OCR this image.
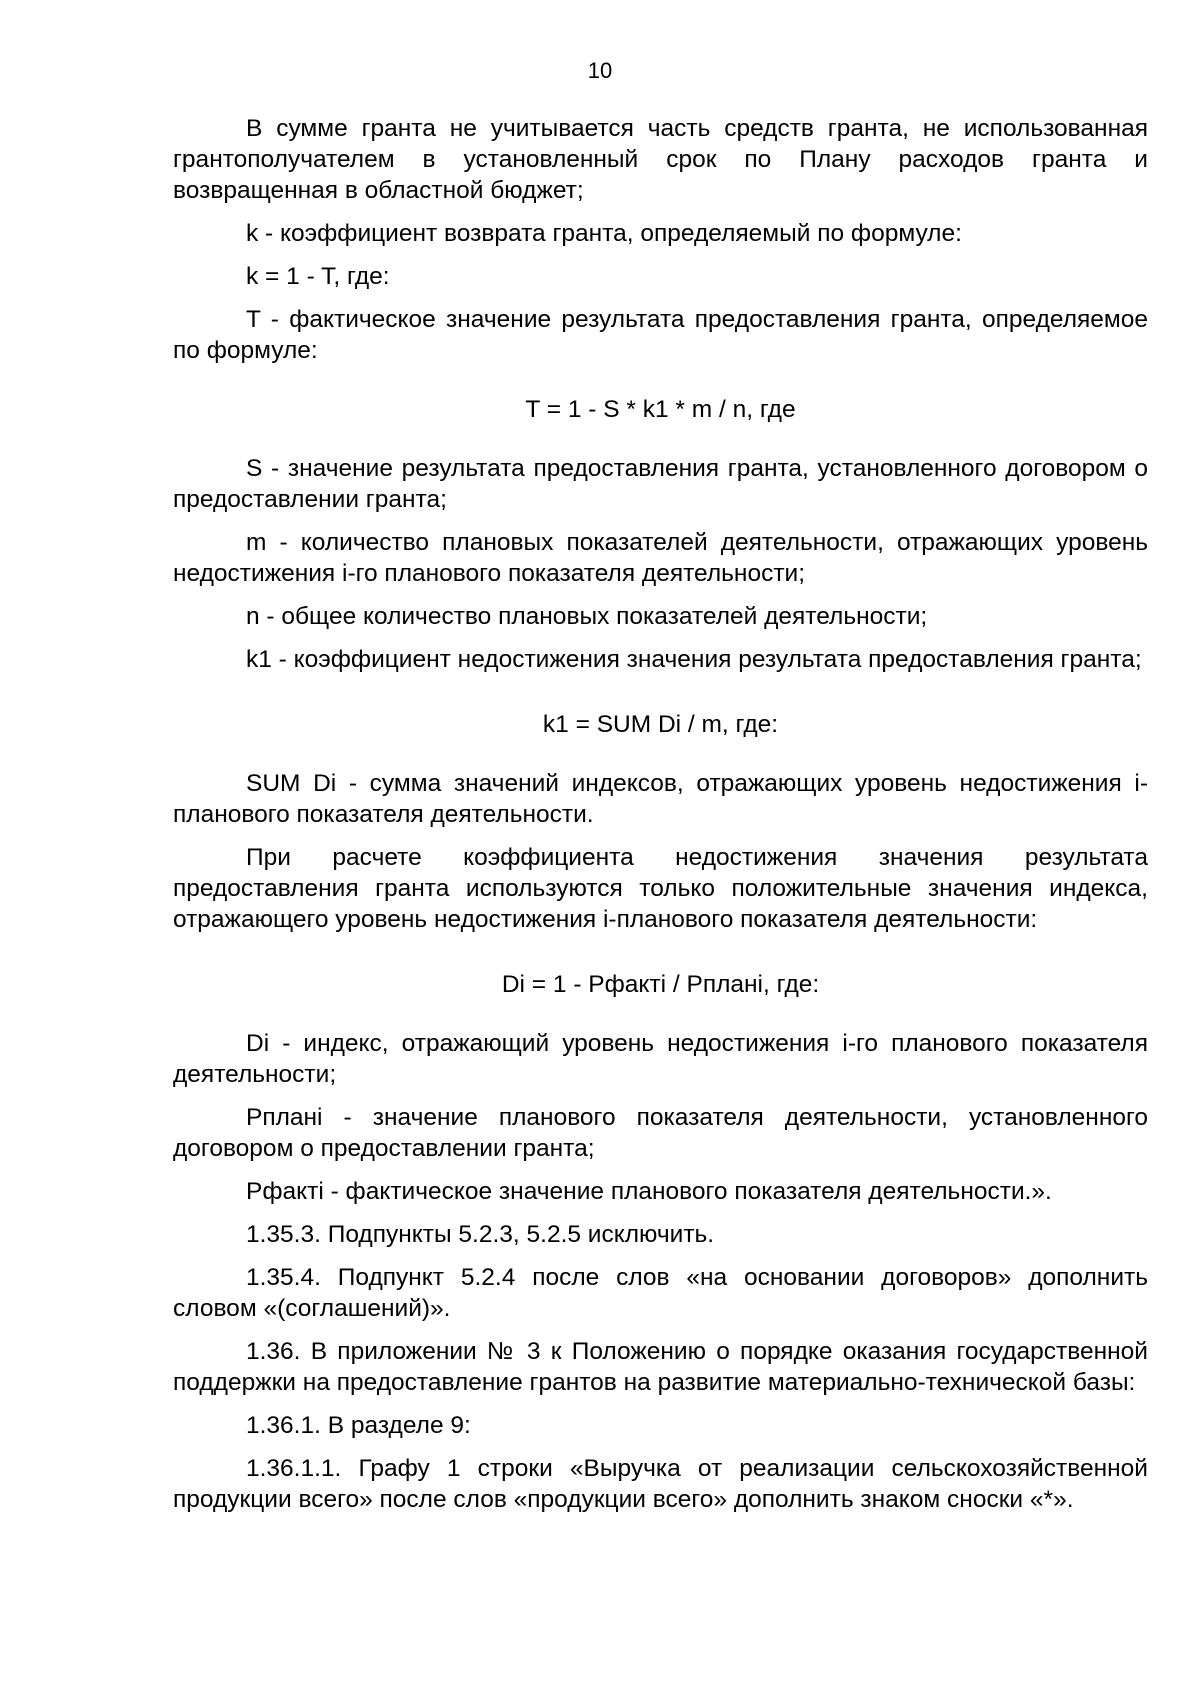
10

В сумме гранта не учитывается часть средств гранта, не использованная грантополучателем в установленный срок по Плану расходов гранта и возвращенная в областной бюджет;

k - коэффициент возврата гранта, определяемый по формуле:

k = 1 - T, где:

T - фактическое значение результата предоставления гранта, определяемое по формуле:

T = 1 - S * k1 * m / n, где

S - значение результата предоставления гранта, установленного договором о предоставлении гранта;

m - количество плановых показателей деятельности, отражающих уровень недостижения i-го планового показателя деятельности;

n - общее количество плановых показателей деятельности;

k1 - коэффициент недостижения значения результата предоставления гранта;

k1 = SUM Di / m, где:

SUM Di - сумма значений индексов, отражающих уровень недостижения i-планового показателя деятельности.

При расчете коэффициента недостижения значения результата предоставления гранта используются только положительные значения индекса, отражающего уровень недостижения i-планового показателя деятельности:

Di = 1 - Pфактi / Pпланi, где:

Di - индекс, отражающий уровень недостижения i-го планового показателя деятельности;

Pпланi - значение планового показателя деятельности, установленного договором о предоставлении гранта;

Pфактi - фактическое значение планового показателя деятельности.».

1.35.3. Подпункты 5.2.3, 5.2.5 исключить.

1.35.4. Подпункт 5.2.4 после слов «на основании договоров» дополнить словом «(соглашений)».

1.36. В приложении № 3 к Положению о порядке оказания государственной поддержки на предоставление грантов на развитие материально-технической базы:

1.36.1. В разделе 9:

1.36.1.1. Графу 1 строки «Выручка от реализации сельскохозяйственной продукции всего» после слов «продукции всего» дополнить знаком сноски «*».
